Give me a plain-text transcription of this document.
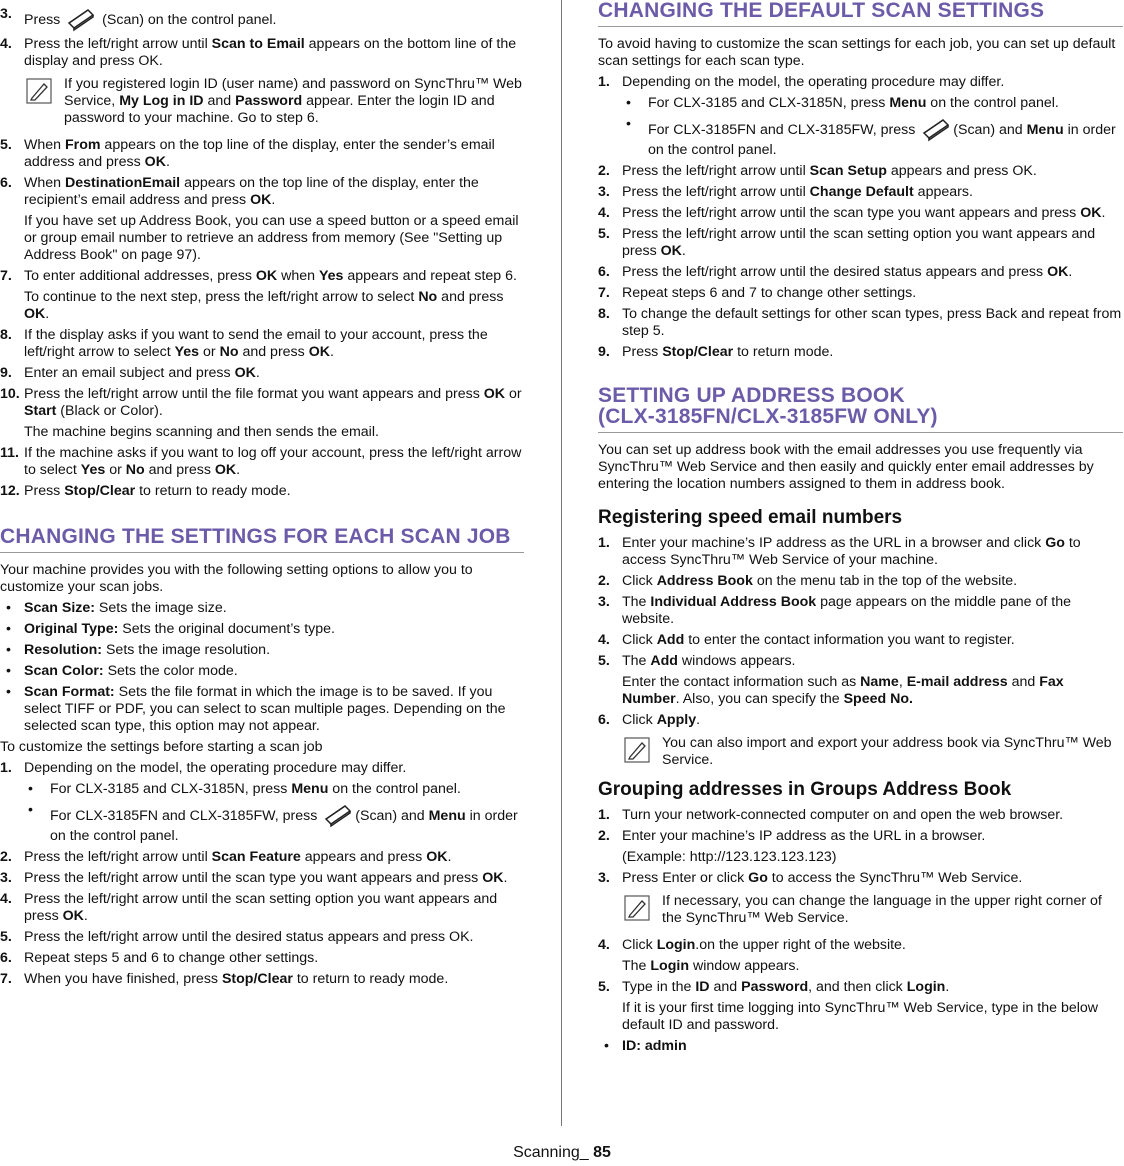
3. Press	(Scan) on the control panel.
4. Press the left/right arrow until Scan to Email appears on the bottom line of the display and press OK.
If you registered login ID (user name) and password on SyncThru™ Web Service, My Log in ID and Password appear. Enter the login ID and password to your machine. Go to step 6.
5. When From appears on the top line of the display, enter the sender’s email address and press OK.
6. When DestinationEmail appears on the top line of the display, enter the recipient’s email address and press OK.
If you have set up Address Book, you can use a speed button or a speed email or group email number to retrieve an address from memory (See "Setting up Address Book" on page 97).
7. To enter additional addresses, press OK when Yes appears and repeat step 6.
To continue to the next step, press the left/right arrow to select No and press OK.
8. If the display asks if you want to send the email to your account, press the left/right arrow to select Yes or No and press OK.
9. Enter an email subject and press OK.
10. Press the left/right arrow until the file format you want appears and press OK or Start (Black or Color).
The machine begins scanning and then sends the email.
11. If the machine asks if you want to log off your account, press the left/right arrow to select Yes or No and press OK.
12. Press Stop/Clear to return to ready mode.
CHANGING THE SETTINGS FOR EACH SCAN JOB
Your machine provides you with the following setting options to allow you to customize your scan jobs.
• Scan Size: Sets the image size.
• Original Type: Sets the original document’s type.
• Resolution: Sets the image resolution.
• Scan Color: Sets the color mode.
• Scan Format: Sets the file format in which the image is to be saved. If you select TIFF or PDF, you can select to scan multiple pages. Depending on the selected scan type, this option may not appear.
To customize the settings before starting a scan job
1. Depending on the model, the operating procedure may differ.
• For CLX-3185 and CLX-3185N, press Menu on the control panel.
• For CLX-3185FN and CLX-3185FW, press (Scan) and Menu in order on the control panel.
2. Press the left/right arrow until Scan Feature appears and press OK.
3. Press the left/right arrow until the scan type you want appears and press OK.
4. Press the left/right arrow until the scan setting option you want appears and press OK.
5. Press the left/right arrow until the desired status appears and press OK.
6. Repeat steps 5 and 6 to change other settings.
7. When you have finished, press Stop/Clear to return to ready mode.
CHANGING THE DEFAULT SCAN SETTINGS
To avoid having to customize the scan settings for each job, you can set up default scan settings for each scan type.
1. Depending on the model, the operating procedure may differ.
• For CLX-3185 and CLX-3185N, press Menu on the control panel.
• For CLX-3185FN and CLX-3185FW, press (Scan) and Menu in order on the control panel.
2. Press the left/right arrow until Scan Setup appears and press OK.
3. Press the left/right arrow until Change Default appears.
4. Press the left/right arrow until the scan type you want appears and press OK.
5. Press the left/right arrow until the scan setting option you want appears and press OK.
6. Press the left/right arrow until the desired status appears and press OK.
7. Repeat steps 6 and 7 to change other settings.
8. To change the default settings for other scan types, press Back and repeat from step 5.
9. Press Stop/Clear to return mode.
SETTING UP ADDRESS BOOK
(CLX-3185FN/CLX-3185FW ONLY)
You can set up address book with the email addresses you use frequently via SyncThru™ Web Service and then easily and quickly enter email addresses by entering the location numbers assigned to them in address book.
Registering speed email numbers
1. Enter your machine’s IP address as the URL in a browser and click Go to access SyncThru™ Web Service of your machine.
2. Click Address Book on the menu tab in the top of the website.
3. The Individual Address Book page appears on the middle pane of the website.
4. Click Add to enter the contact information you want to register.
5. The Add windows appears.
Enter the contact information such as Name, E-mail address and Fax Number. Also, you can specify the Speed No.
6. Click Apply.
You can also import and export your address book via SyncThru™ Web Service.
Grouping addresses in Groups Address Book
1. Turn your network-connected computer on and open the web browser.
2. Enter your machine’s IP address as the URL in a browser.
(Example: http://123.123.123.123)
3. Press Enter or click Go to access the SyncThru™ Web Service.
If necessary, you can change the language in the upper right corner of the SyncThru™ Web Service.
4. Click Login.on the upper right of the website.
The Login window appears.
5. Type in the ID and Password, and then click Login.
If it is your first time logging into SyncThru™ Web Service, type in the below default ID and password.
• ID: admin
Scanning_ 85
